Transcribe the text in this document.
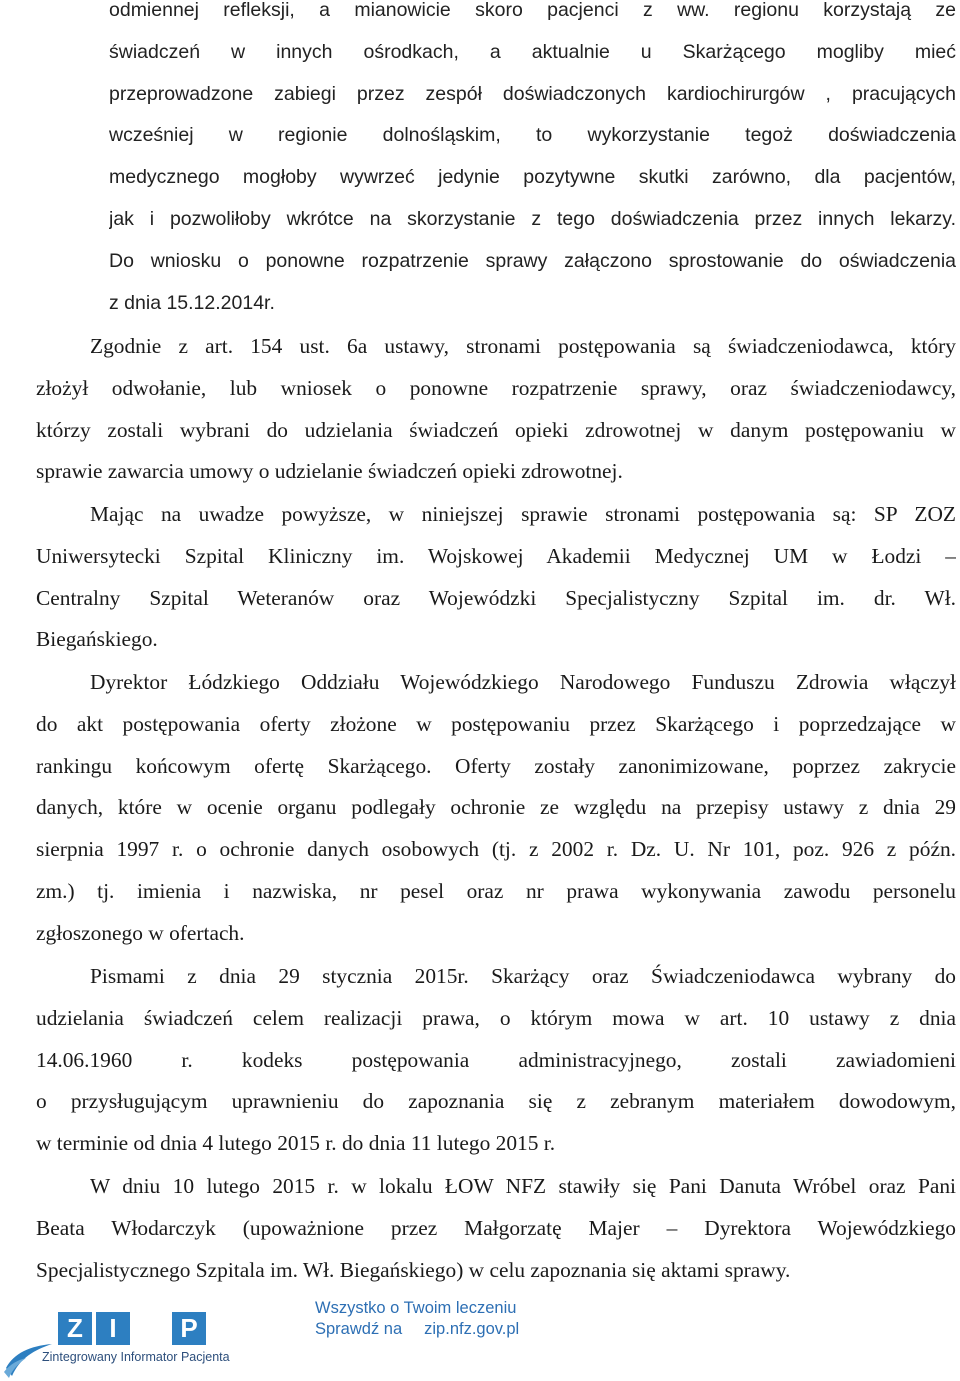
odmiennej refleksji, a mianowicie skoro pacjenci z ww. regionu korzystają ze
świadczeń w innych ośrodkach, a aktualnie u Skarżącego mogliby mieć
przeprowadzone zabiegi przez zespół doświadczonych kardiochirurgów , pracujących
wcześniej w regionie dolnośląskim, to wykorzystanie tegoż doświadczenia
medycznego mogłoby wywrzeć jedynie pozytywne skutki zarówno, dla pacjentów,
jak i pozwoliłoby wkrótce na skorzystanie z tego doświadczenia przez innych lekarzy.
Do wniosku o ponowne rozpatrzenie sprawy załączono sprostowanie do oświadczenia
z dnia 15.12.2014r.
Zgodnie z art. 154 ust. 6a ustawy, stronami postępowania są świadczeniodawca, który
złożył odwołanie, lub wniosek o ponowne rozpatrzenie sprawy, oraz świadczeniodawcy,
którzy zostali wybrani do udzielania świadczeń opieki zdrowotnej w danym postępowaniu w
sprawie zawarcia umowy o udzielanie świadczeń opieki zdrowotnej.
Mając na uwadze powyższe, w niniejszej sprawie stronami postępowania są: SP ZOZ
Uniwersytecki Szpital Kliniczny im. Wojskowej Akademii Medycznej UM w Łodzi –
Centralny Szpital Weteranów oraz Wojewódzki Specjalistyczny Szpital im. dr. Wł.
Biegańskiego.
Dyrektor Łódzkiego Oddziału Wojewódzkiego Narodowego Funduszu Zdrowia włączył
do akt postępowania oferty złożone w postępowaniu przez Skarżącego i poprzedzające w
rankingu końcowym ofertę Skarżącego. Oferty zostały zanonimizowane, poprzez zakrycie
danych, które w ocenie organu podlegały ochronie ze względu na przepisy ustawy z dnia 29
sierpnia 1997 r. o ochronie danych osobowych (tj. z 2002 r. Dz. U. Nr 101, poz. 926 z późn.
zm.) tj. imienia i nazwiska, nr pesel oraz nr prawa wykonywania zawodu personelu
zgłoszonego w ofertach.
Pismami z dnia 29 stycznia 2015r. Skarżący oraz Świadczeniodawca wybrany do
udzielania świadczeń celem realizacji prawa, o którym mowa w art. 10 ustawy z dnia
14.06.1960 r. kodeks postępowania administracyjnego, zostali zawiadomieni
o przysługującym uprawnieniu do zapoznania się z zebranym materiałem dowodowym,
w terminie od dnia 4 lutego 2015 r. do dnia 11 lutego 2015 r.
W dniu 10 lutego 2015 r. w lokalu ŁOW NFZ stawiły się Pani Danuta Wróbel oraz Pani
Beata Włodarczyk (upoważnione przez Małgorzatę Majer – Dyrektora Wojewódzkiego
Specjalistycznego Szpitala im. Wł. Biegańskiego) w celu zapoznania się aktami sprawy.
Z	I	P
Zintegrowany Informator Pacjenta
Wszystko o Twoim leczeniu
Sprawdź na zip.nfz.gov.pl
